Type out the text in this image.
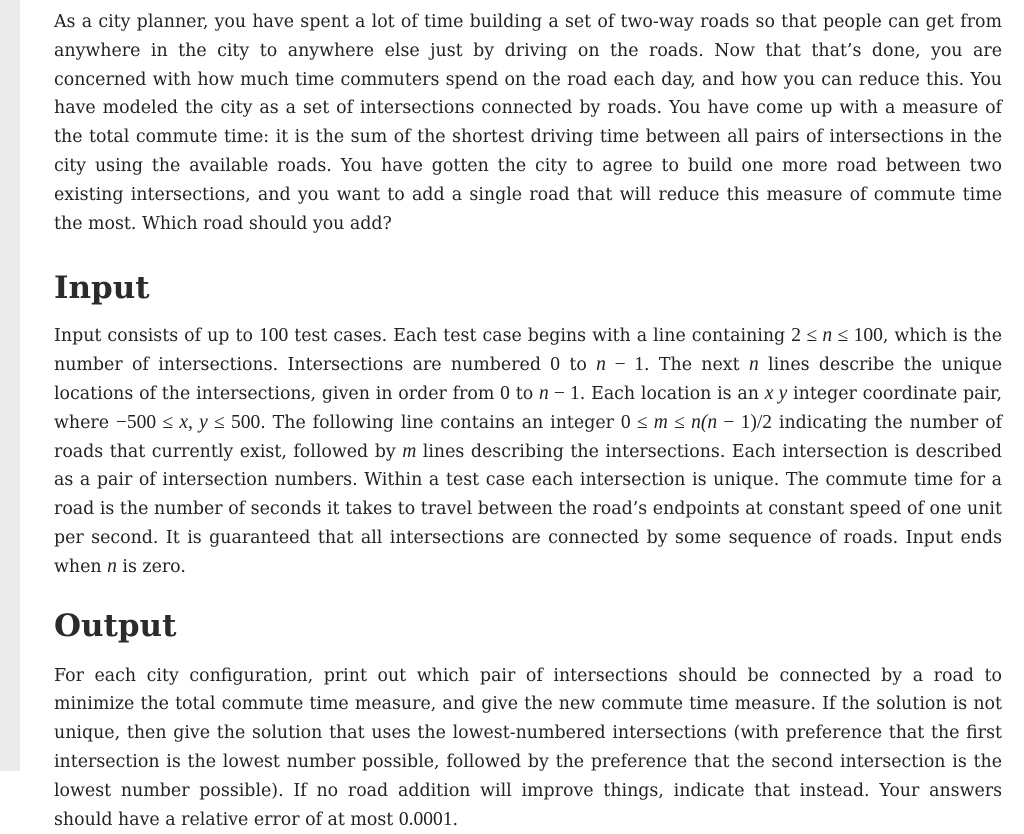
As a city planner, you have spent a lot of time building a set of two-way roads so that people can get from anywhere in the city to anywhere else just by driving on the roads. Now that that’s done, you are concerned with how much time commuters spend on the road each day, and how you can reduce this. You have modeled the city as a set of intersections connected by roads. You have come up with a measure of the total commute time: it is the sum of the shortest driving time between all pairs of intersections in the city using the available roads. You have gotten the city to agree to build one more road between two existing intersections, and you want to add a single road that will reduce this measure of commute time the most. Which road should you add?

Input

Input consists of up to 100 test cases. Each test case begins with a line containing 2 ≤ n ≤ 100, which is the number of intersections. Intersections are numbered 0 to n − 1. The next n lines describe the unique locations of the intersections, given in order from 0 to n − 1. Each location is an x y integer coordinate pair, where −500 ≤ x, y ≤ 500. The following line contains an integer 0 ≤ m ≤ n(n − 1)/2 indicating the number of roads that currently exist, followed by m lines describing the intersections. Each intersection is described as a pair of intersection numbers. Within a test case each intersection is unique. The commute time for a road is the number of seconds it takes to travel between the road’s endpoints at constant speed of one unit per second. It is guaranteed that all intersections are connected by some sequence of roads. Input ends when n is zero.

Output

For each city configuration, print out which pair of intersections should be connected by a road to minimize the total commute time measure, and give the new commute time measure. If the solution is not unique, then give the solution that uses the lowest-numbered intersections (with preference that the first intersection is the lowest number possible, followed by the preference that the second intersection is the lowest number possible). If no road addition will improve things, indicate that instead. Your answers should have a relative error of at most 0.0001.
